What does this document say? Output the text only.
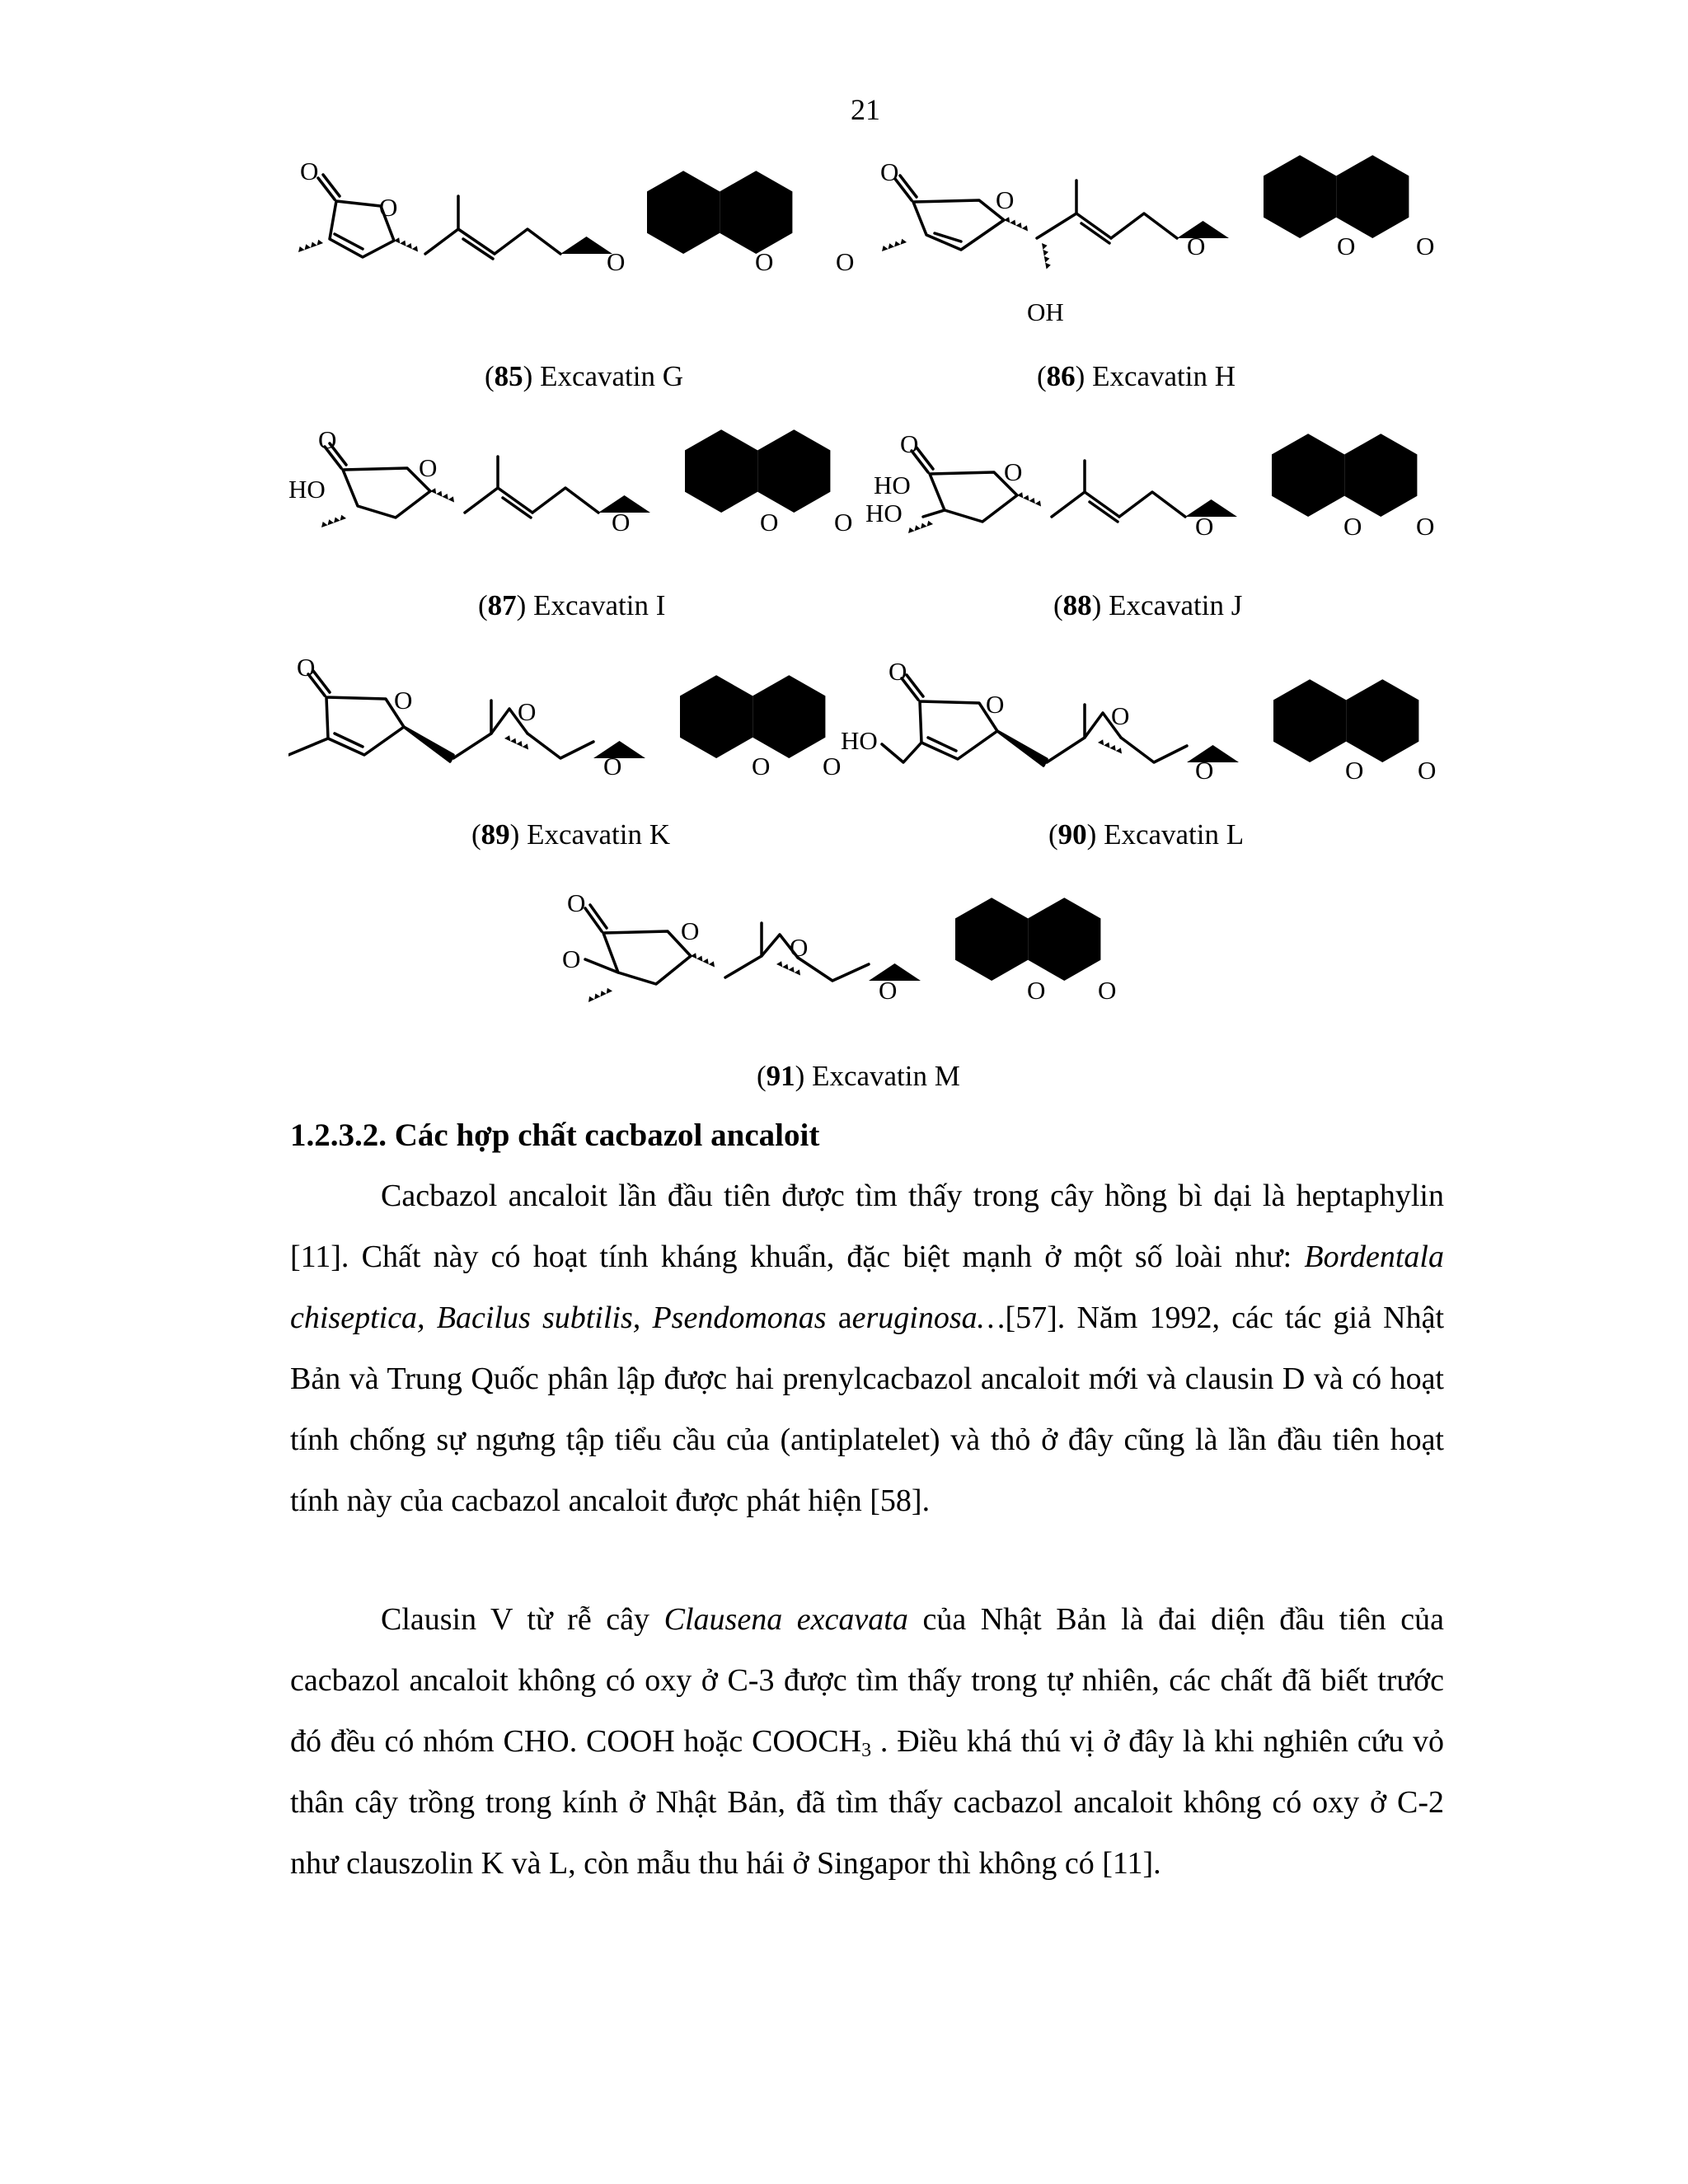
21
O
O
O	O O
(85) Excavatin G
O
O
OH
O	O O
(86) Excavatin H
O
O
HO
O	O O
(87) Excavatin I
O
O
HO
HO	O	O O
(88) Excavatin J
O
O	O
O	O O
(89) Excavatin K
O
O
HO
O
O	O O
(90) Excavatin L
O
O
O	O
O	O O
(91) Excavatin M
1.2.3.2. Các hợp chất cacbazol ancaloit

Cacbazol ancaloit lần đầu tiên được tìm thấy trong cây hồng bì dại là heptaphylin [11]. Chất này có hoạt tính kháng khuẩn, đặc biệt mạnh ở một số loài như: Bordentala chiseptica, Bacilus subtilis, Psendomonas aeruginosa…[57]. Năm 1992, các tác giả Nhật Bản và Trung Quốc phân lập được hai prenylcacbazol ancaloit mới và clausin D và có hoạt tính chống sự ngưng tập tiểu cầu của (antiplatelet) và thỏ ở đây cũng là lần đầu tiên hoạt tính này của cacbazol ancaloit được phát hiện [58].

Clausin V từ rễ cây Clausena excavata của Nhật Bản là đai diện đầu tiên của cacbazol ancaloit không có oxy ở C-3 được tìm thấy trong tự nhiên, các chất đã biết trước đó đều có nhóm CHO. COOH hoặc $COOCH_3$ . Điều khá thú vị ở đây là khi nghiên cứu vỏ thân cây trồng trong kính ở Nhật Bản, đã tìm thấy cacbazol ancaloit không có oxy ở C-2 như clauszolin K và L, còn mẫu thu hái ở Singapor thì không có [11].
